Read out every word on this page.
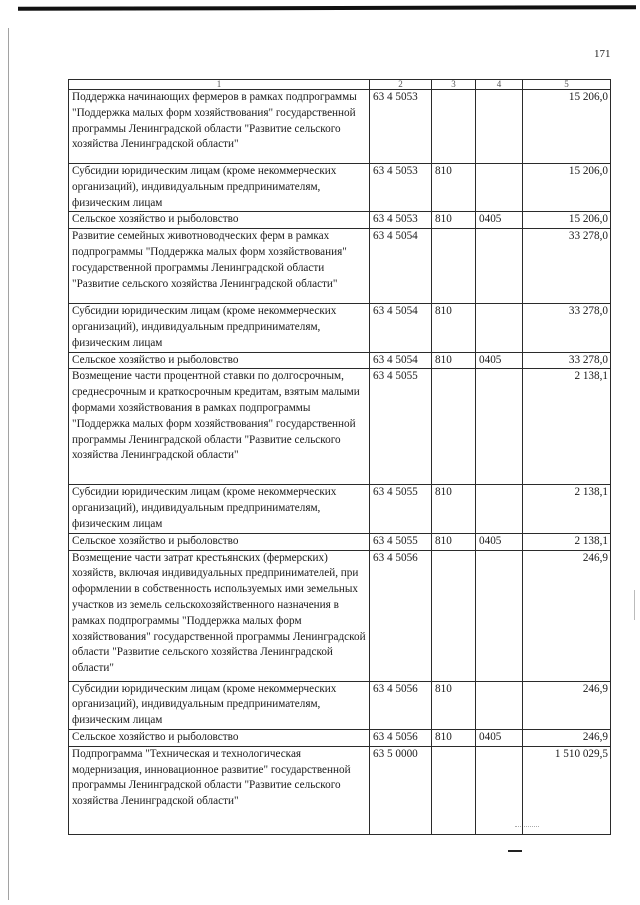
171
1	2	3	4	5
Поддержка начинающих фермеров в рамках подпрограммы "Поддержка малых форм хозяйствования" государственной программы Ленинградской области "Развитие сельского хозяйства Ленинградской области"	63 4 5053			15 206,0
Субсидии юридическим лицам (кроме некоммерческих организаций), индивидуальным предпринимателям, физическим лицам	63 4 5053	810		15 206,0
Сельское хозяйство и рыболовство	63 4 5053	810	0405	15 206,0
Развитие семейных животноводческих ферм в рамках подпрограммы "Поддержка малых форм хозяйствования" государственной программы Ленинградской области "Развитие сельского хозяйства Ленинградской области"	63 4 5054			33 278,0
Субсидии юридическим лицам (кроме некоммерческих организаций), индивидуальным предпринимателям, физическим лицам	63 4 5054	810		33 278,0
Сельское хозяйство и рыболовство	63 4 5054	810	0405	33 278,0
Возмещение части процентной ставки по долгосрочным, среднесрочным и краткосрочным кредитам, взятым малыми формами хозяйствования в рамках подпрограммы "Поддержка малых форм хозяйствования" государственной программы Ленинградской области "Развитие сельского хозяйства Ленинградской области"	63 4 5055			2 138,1
Субсидии юридическим лицам (кроме некоммерческих организаций), индивидуальным предпринимателям, физическим лицам	63 4 5055	810		2 138,1
Сельское хозяйство и рыболовство	63 4 5055	810	0405	2 138,1
Возмещение части затрат крестьянских (фермерских) хозяйств, включая индивидуальных предпринимателей, при оформлении в собственность используемых ими земельных участков из земель сельскохозяйственного назначения в рамках подпрограммы "Поддержка малых форм хозяйствования" государственной программы Ленинградской области "Развитие сельского хозяйства Ленинградской области"	63 4 5056			246,9
Субсидии юридическим лицам (кроме некоммерческих организаций), индивидуальным предпринимателям, физическим лицам	63 4 5056	810		246,9
Сельское хозяйство и рыболовство	63 4 5056	810	0405	246,9
Подпрограмма "Техническая и технологическая модернизация, инновационное развитие" государственной программы Ленинградской области "Развитие сельского хозяйства Ленинградской области"	63 5 0000			1 510 029,5
